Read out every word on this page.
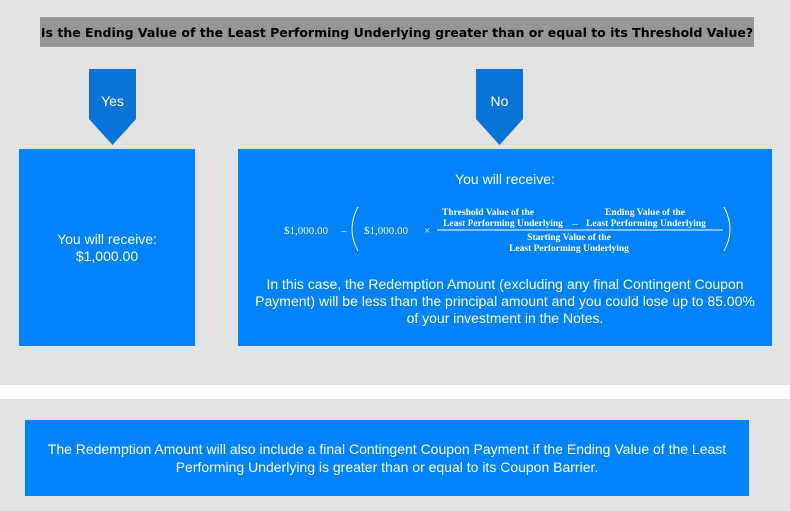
Is the Ending Value of the Least Performing Underlying greater than or equal to its Threshold Value?
Yes	No
You will receive:
$1,000.00
You will receive:
$1,000.00 – $1,000.00 ×
Threshold Value of the
Least Performing Underlying –
Ending Value of the
Least Performing Underlying
Starting Value of the
Least Performing Underlying
In this case, the Redemption Amount (excluding any final Contingent Coupon Payment) will be less than the principal amount and you could lose up to 85.00% of your investment in the Notes.
The Redemption Amount will also include a final Contingent Coupon Payment if the Ending Value of the Least Performing Underlying is greater than or equal to its Coupon Barrier.
